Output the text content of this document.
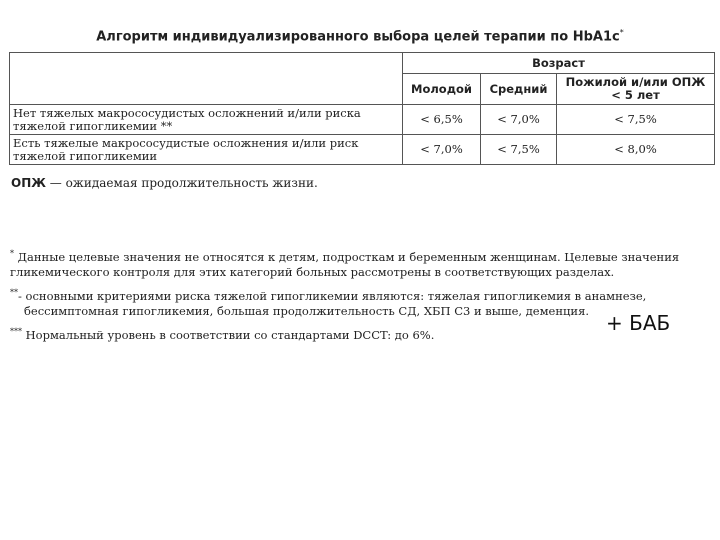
Алгоритм индивидуализированного выбора целей терапии по HbA1c*
	Возраст		
	Молодой	Средний	Пожилой и/или ОПЖ < 5 лет
Нет тяжелых макрососудистых осложнений и/или риска тяжелой гипогликемии **	< 6,5%	< 7,0%	< 7,5%
Есть тяжелые макрососудистые осложнения и/или риск тяжелой гипогликемии	< 7,0%	< 7,5%	< 8,0%
ОПЖ — ожидаемая продолжительность жизни.

* Данные целевые значения не относятся к детям, подросткам и беременным женщинам. Целевые значения гликемического контроля для этих категорий больных рассмотрены в соответствующих разделах.

**- основными критериями риска тяжелой гипогликемии являются: тяжелая гипогликемия в анамнезе, бессимптомная гипогликемия, большая продолжительность СД, ХБП С3 и выше, деменция.

*** Нормальный уровень в соответствии со стандартами DCCT: до 6%.	+ БАБ
